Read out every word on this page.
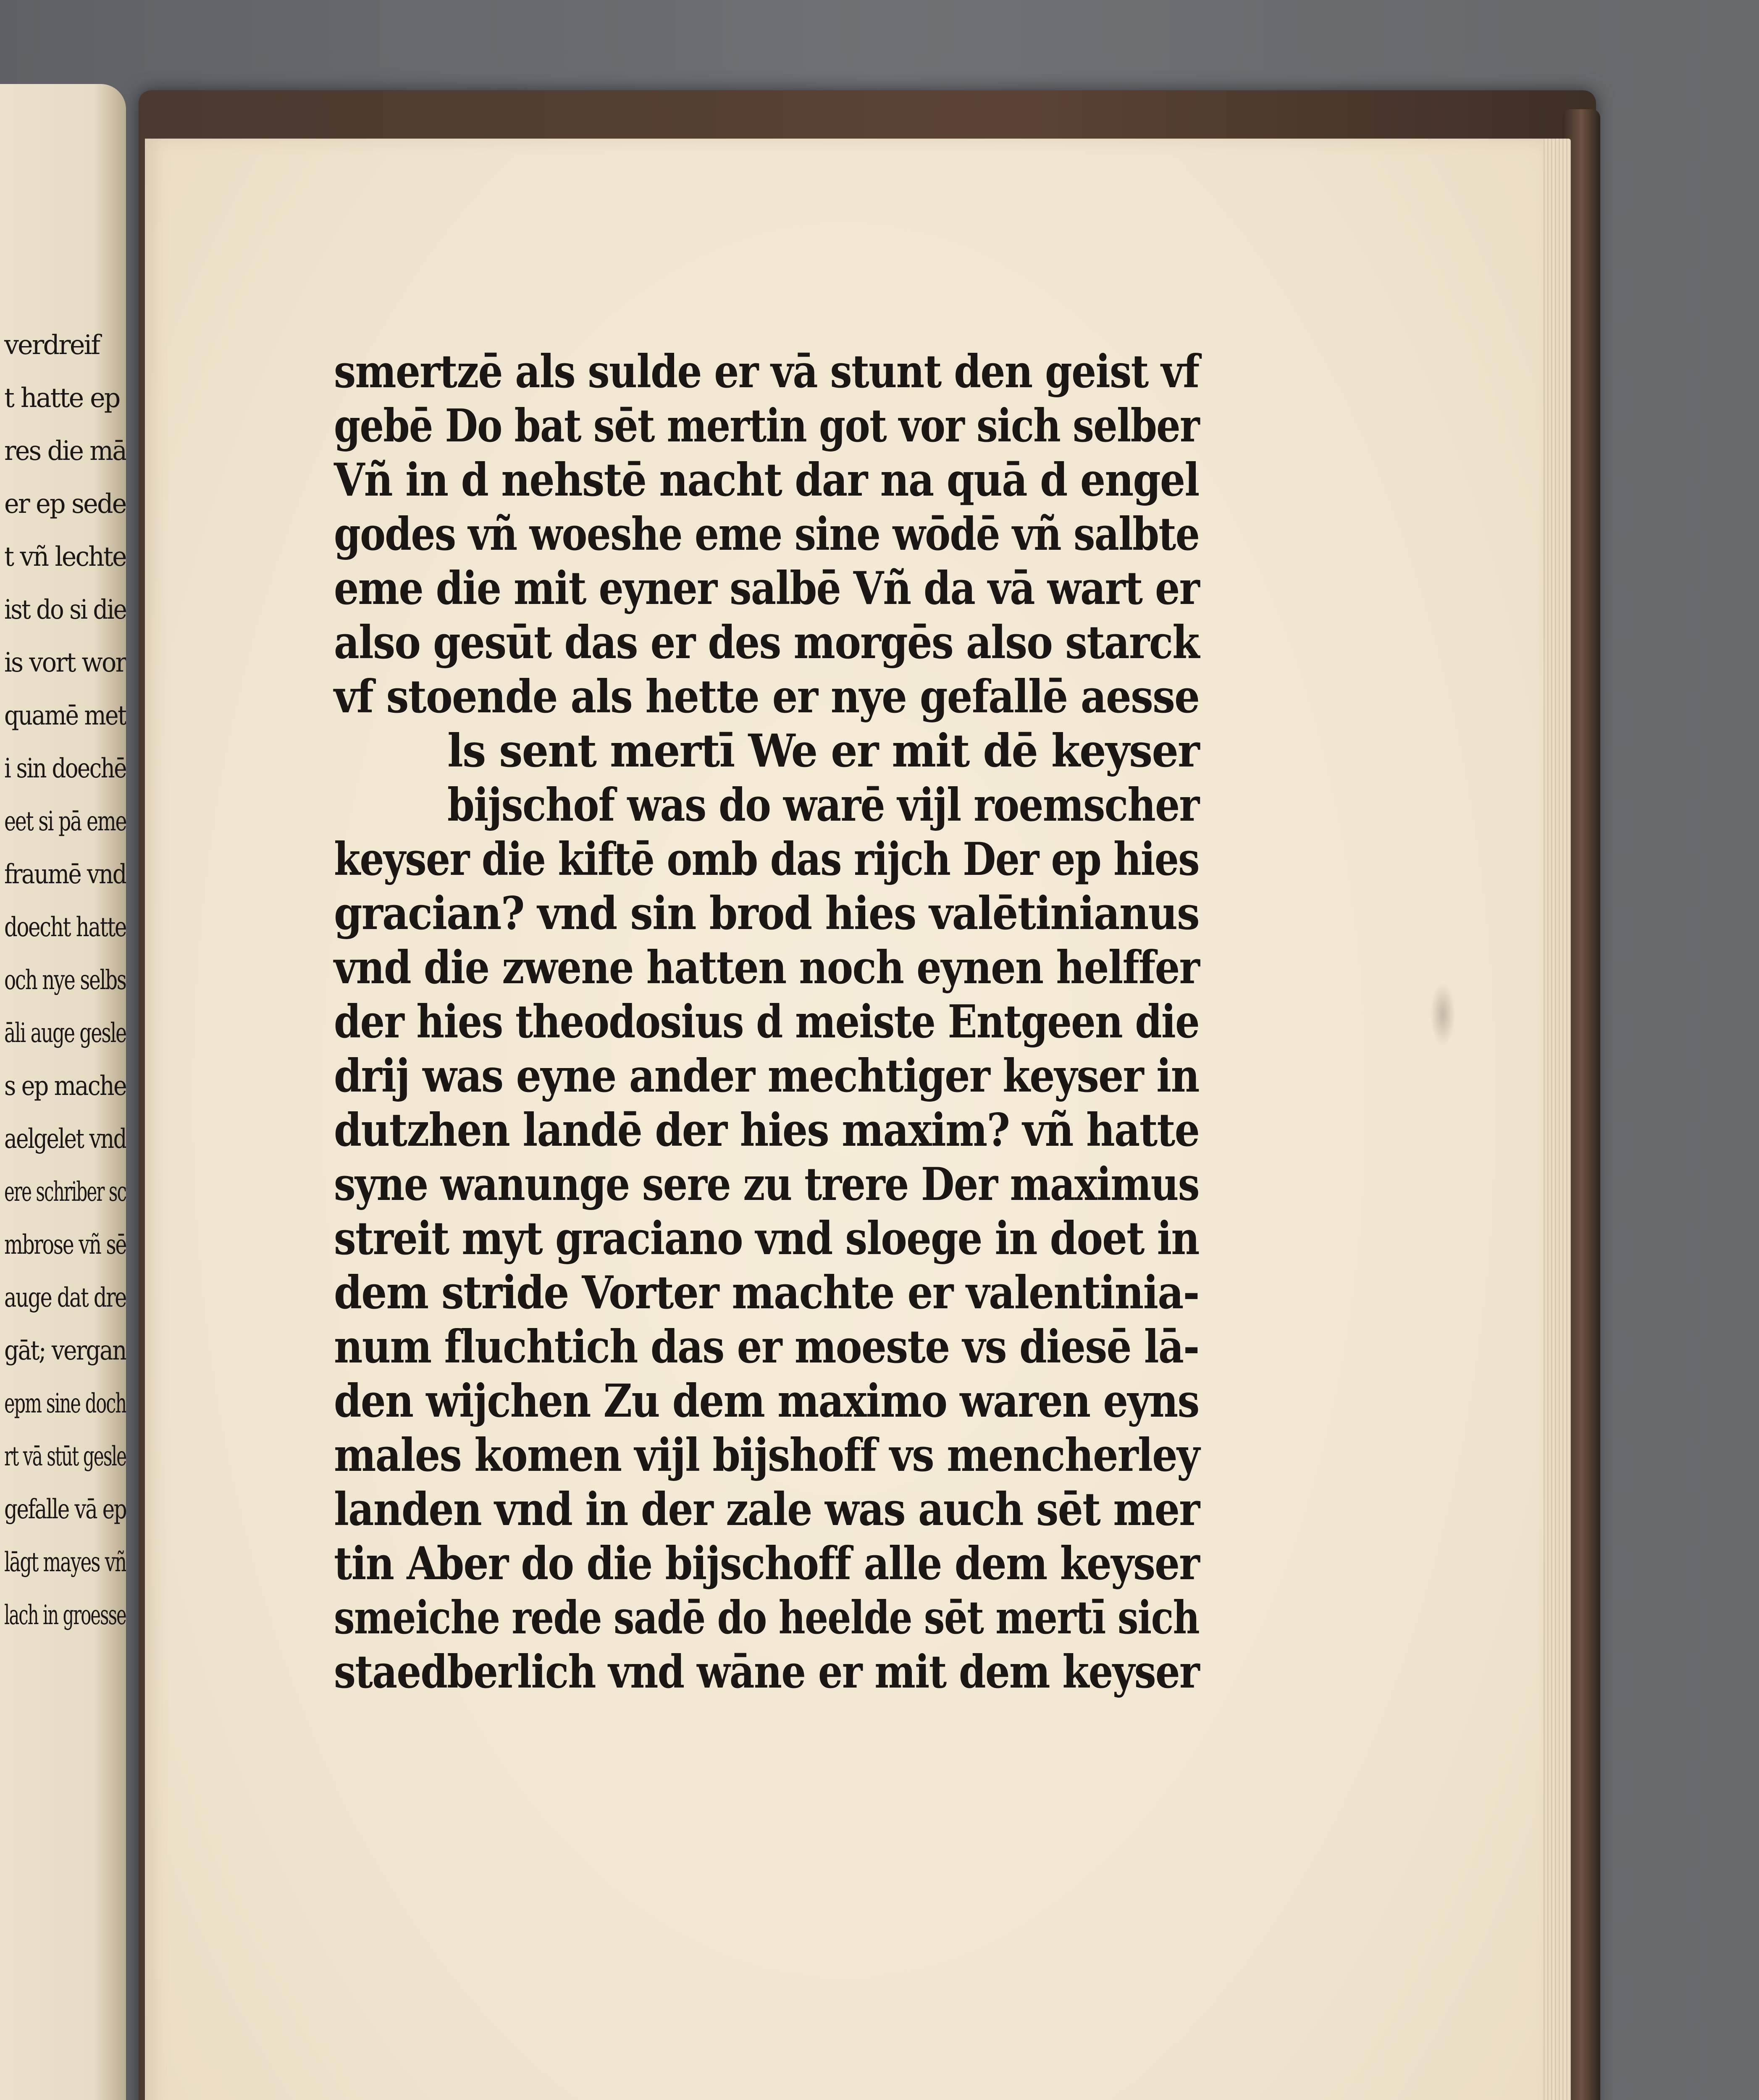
verdreif
t hatte ep
res die mā
er ep sede
t vñ lechte
ist do si die
is vort wor
quamē met
i sin doechē
eet si pā eme
fraumē vnd
doecht hatte
och nye selbs
āli auge gesle
s ep mache
aelgelet vnd
ere schriber sc
mbrose vñ sē
auge dat dre
gāt; vergan
epm sine doch
rt vā stūt gesle
gefalle vā ep
lāgt mayes vñ
lach in groesse
smertzē als sulde er vā stunt den geist vf
gebē Do bat sēt mertin got vor sich selber
Vñ in d nehstē nacht dar na quā d engel
godes vñ woeshe eme sine wōdē vñ salbte
eme die mit eyner salbē Vñ da vā wart er
also gesūt das er des morgēs also starck
vf stoende als hette er nye gefallē aesse
ls sent mertī We er mit dē keyser
bijschof was do warē vijl roemscher
keyser die kiftē omb das rijch Der ep hies
gracian? vnd sin brod hies valētinianus
vnd die zwene hatten noch eynen helffer
der hies theodosius d meiste Entgeen die
drij was eyne ander mechtiger keyser in
dutzhen landē der hies maxim? vñ hatte
syne wanunge sere zu trere Der maximus
streit myt graciano vnd sloege in doet in
dem stride Vorter machte er valentinia-
num fluchtich das er moeste vs diesē lā-
den wijchen Zu dem maximo waren eyns
males komen vijl bijshoff vs mencherley
landen vnd in der zale was auch sēt mer
tin Aber do die bijschoff alle dem keyser
smeiche rede sadē do heelde sēt mertī sich
staedberlich vnd wāne er mit dem keyser
